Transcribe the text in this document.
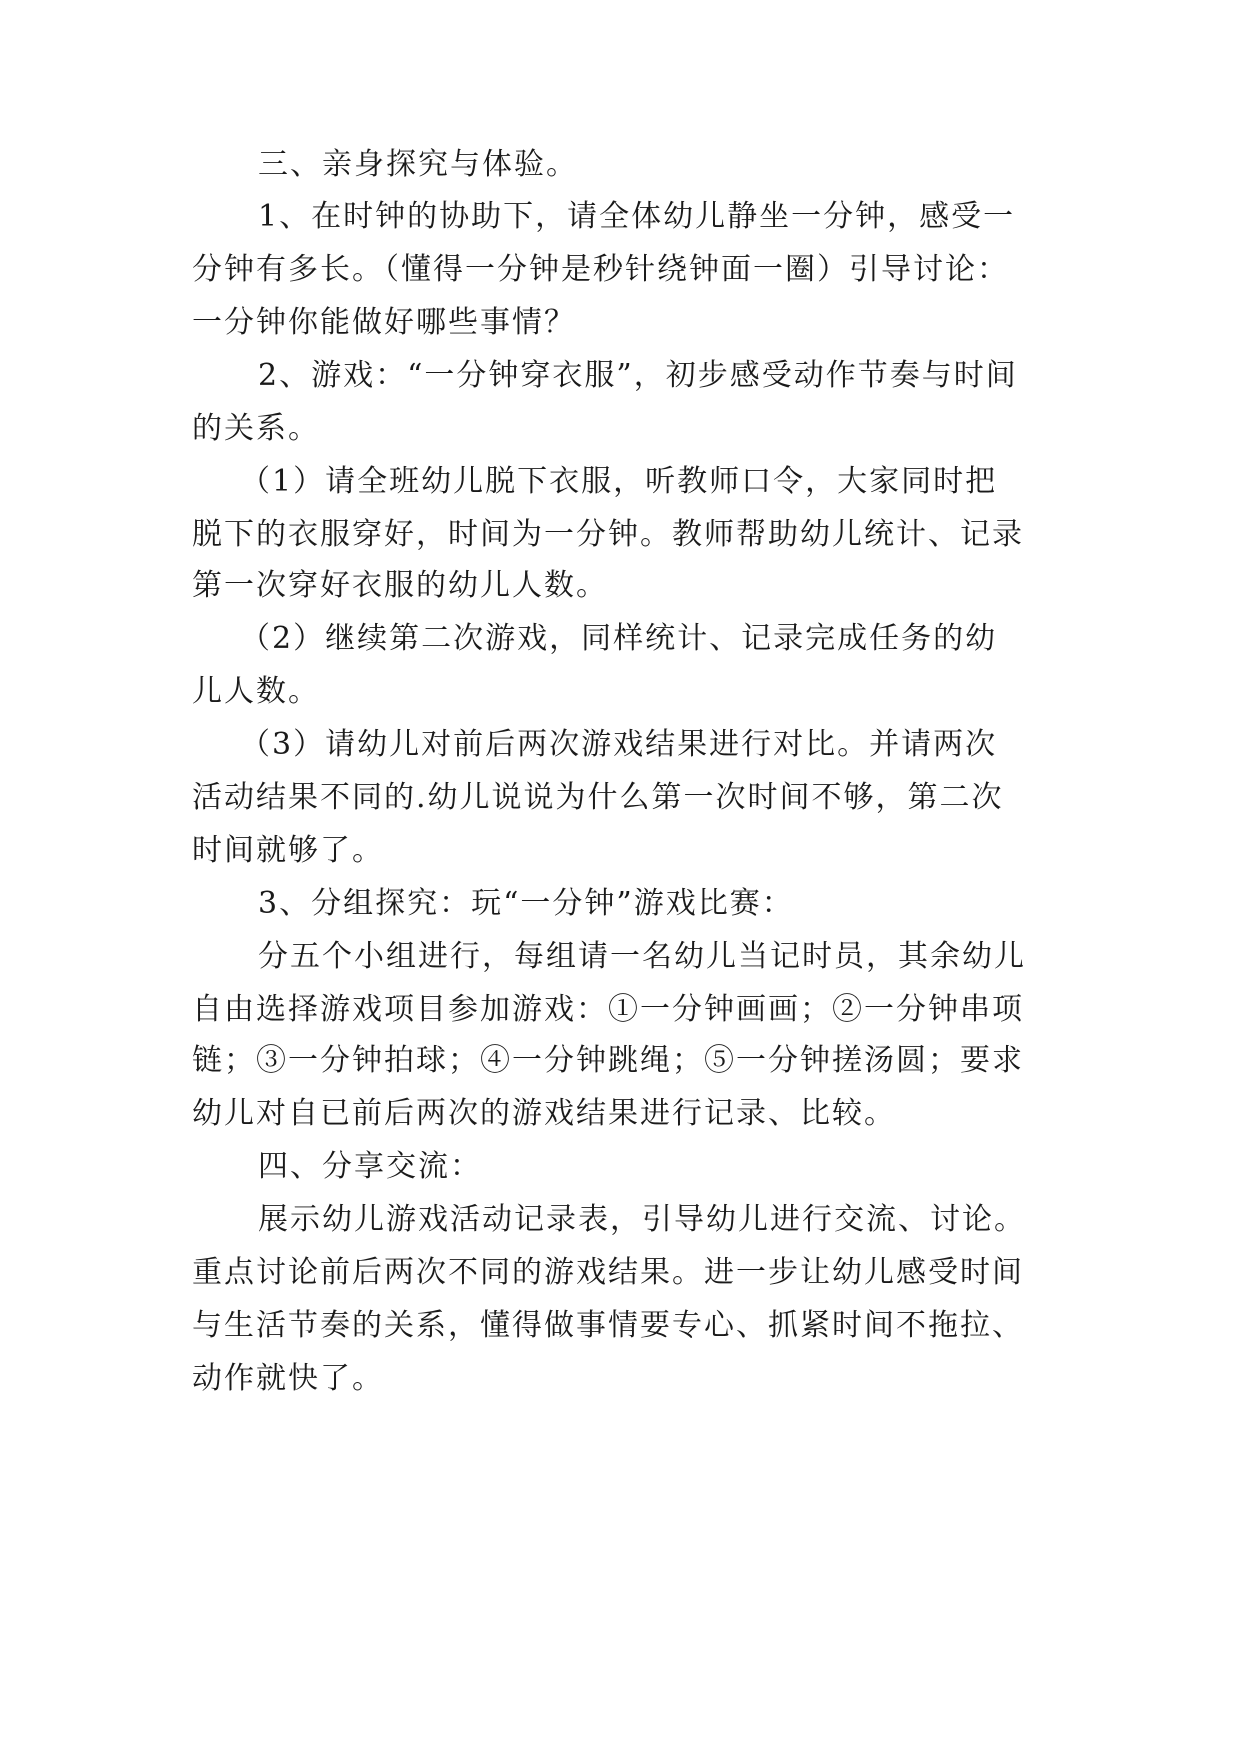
三、亲身探究与体验。
1、在时钟的协助下，请全体幼儿静坐一分钟，感受一
分钟有多长。（懂得一分钟是秒针绕钟面一圈）引导讨论：
一分钟你能做好哪些事情？
2、游戏：“一分钟穿衣服”，初步感受动作节奏与时间
的关系。
（1）请全班幼儿脱下衣服，听教师口令，大家同时把
脱下的衣服穿好，时间为一分钟。教师帮助幼儿统计、记录
第一次穿好衣服的幼儿人数。
（2）继续第二次游戏，同样统计、记录完成任务的幼
儿人数。
（3）请幼儿对前后两次游戏结果进行对比。并请两次
活动结果不同的.幼儿说说为什么第一次时间不够，第二次
时间就够了。
3、分组探究：玩“一分钟”游戏比赛：
分五个小组进行，每组请一名幼儿当记时员，其余幼儿
自由选择游戏项目参加游戏：①一分钟画画；②一分钟串项
链；③一分钟拍球；④一分钟跳绳；⑤一分钟搓汤圆；要求
幼儿对自已前后两次的游戏结果进行记录、比较。
四、分享交流：
展示幼儿游戏活动记录表，引导幼儿进行交流、讨论。
重点讨论前后两次不同的游戏结果。进一步让幼儿感受时间
与生活节奏的关系，懂得做事情要专心、抓紧时间不拖拉、
动作就快了。
